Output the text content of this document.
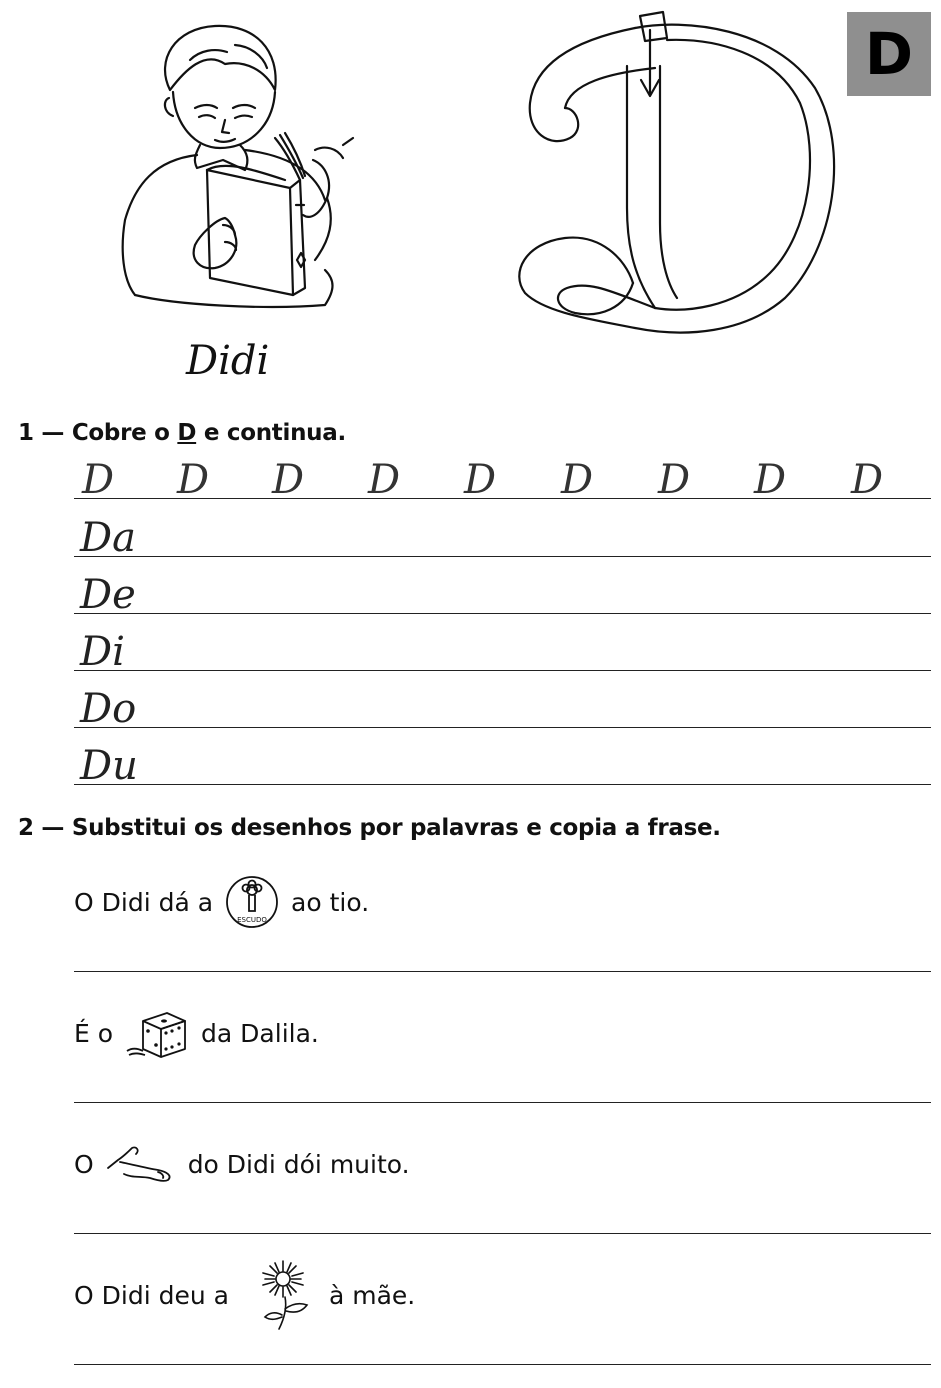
D
Didi
1 — Cobre o D e continua.
D D D D D D D D D
Da
De
Di
Do
Du
2 — Substitui os desenhos por palavras e copia a frase.
O Didi dá a
ESCUDO
ao tio.
É o	da Dalila.
O	do Didi dói muito.
O Didi deu a	à mãe.
